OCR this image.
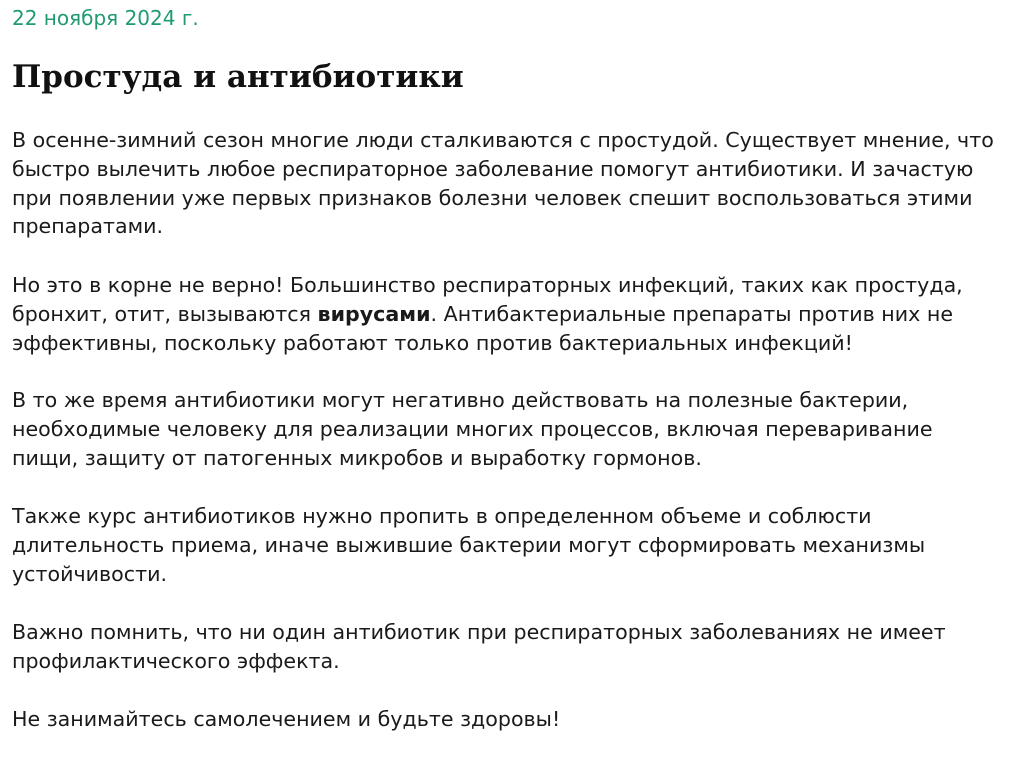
22 ноября 2024 г.
Простуда и антибиотики

В осенне-зимний сезон многие люди сталкиваются с простудой. Существует мнение, что
быстро вылечить любое респираторное заболевание помогут антибиотики. И зачастую
при появлении уже первых признаков болезни человек спешит воспользоваться этими
препаратами.

Но это в корне не верно! Большинство респираторных инфекций, таких как простуда,
бронхит, отит, вызываются вирусами. Антибактериальные препараты против них не
эффективны, поскольку работают только против бактериальных инфекций!

В то же время антибиотики могут негативно действовать на полезные бактерии,
необходимые человеку для реализации многих процессов, включая переваривание
пищи, защиту от патогенных микробов и выработку гормонов.

Также курс антибиотиков нужно пропить в определенном объеме и соблюсти
длительность приема, иначе выжившие бактерии могут сформировать механизмы
устойчивости.

Важно помнить, что ни один антибиотик при респираторных заболеваниях не имеет
профилактического эффекта.

Не занимайтесь самолечением и будьте здоровы!
